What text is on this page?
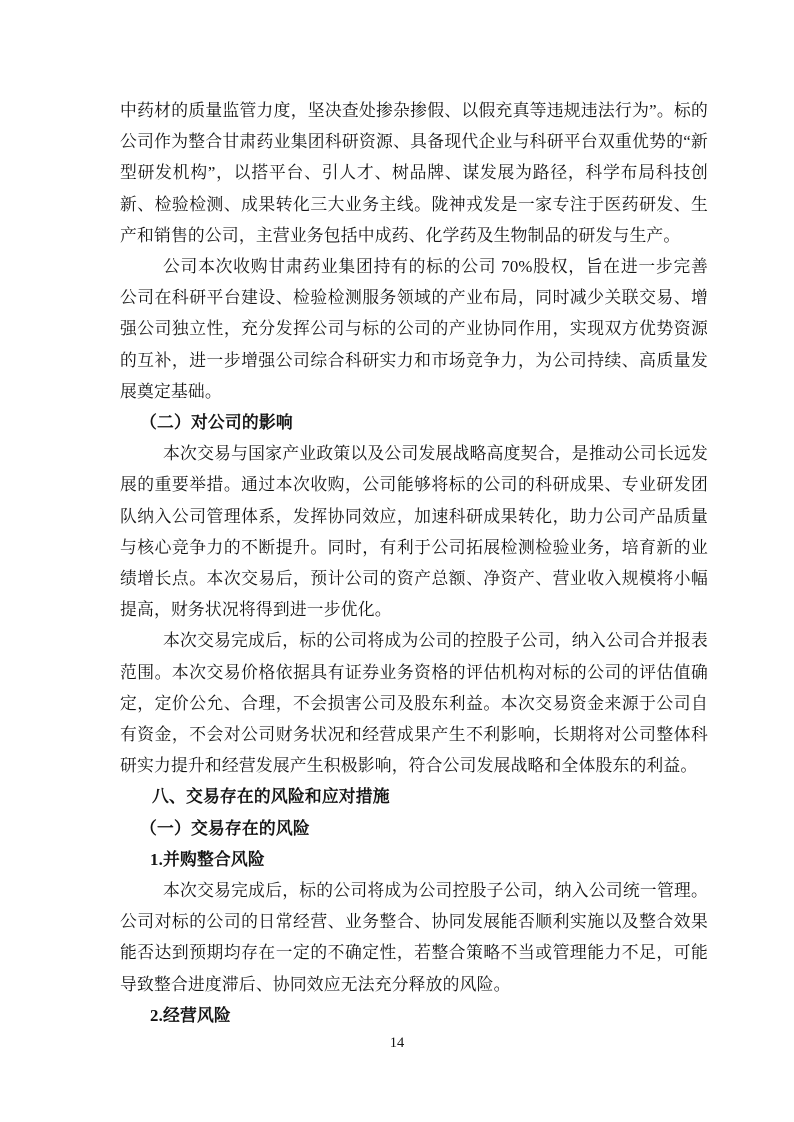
中药材的质量监管力度，坚决查处掺杂掺假、以假充真等违规违法行为”。标的公司作为整合甘肃药业集团科研资源、具备现代企业与科研平台双重优势的“新型研发机构”，以搭平台、引人才、树品牌、谋发展为路径，科学布局科技创新、检验检测、成果转化三大业务主线。陇神戎发是一家专注于医药研发、生产和销售的公司，主营业务包括中成药、化学药及生物制品的研发与生产。

公司本次收购甘肃药业集团持有的标的公司 70%股权，旨在进一步完善公司在科研平台建设、检验检测服务领域的产业布局，同时减少关联交易、增强公司独立性，充分发挥公司与标的公司的产业协同作用，实现双方优势资源的互补，进一步增强公司综合科研实力和市场竞争力，为公司持续、高质量发展奠定基础。

（二）对公司的影响

本次交易与国家产业政策以及公司发展战略高度契合，是推动公司长远发展的重要举措。通过本次收购，公司能够将标的公司的科研成果、专业研发团队纳入公司管理体系，发挥协同效应，加速科研成果转化，助力公司产品质量与核心竞争力的不断提升。同时，有利于公司拓展检测检验业务，培育新的业绩增长点。本次交易后，预计公司的资产总额、净资产、营业收入规模将小幅提高，财务状况将得到进一步优化。

本次交易完成后，标的公司将成为公司的控股子公司，纳入公司合并报表范围。本次交易价格依据具有证券业务资格的评估机构对标的公司的评估值确定，定价公允、合理，不会损害公司及股东利益。本次交易资金来源于公司自有资金，不会对公司财务状况和经营成果产生不利影响，长期将对公司整体科研实力提升和经营发展产生积极影响，符合公司发展战略和全体股东的利益。

八、交易存在的风险和应对措施

（一）交易存在的风险

1.并购整合风险

本次交易完成后，标的公司将成为公司控股子公司，纳入公司统一管理。公司对标的公司的日常经营、业务整合、协同发展能否顺利实施以及整合效果能否达到预期均存在一定的不确定性，若整合策略不当或管理能力不足，可能导致整合进度滞后、协同效应无法充分释放的风险。

2.经营风险

14
